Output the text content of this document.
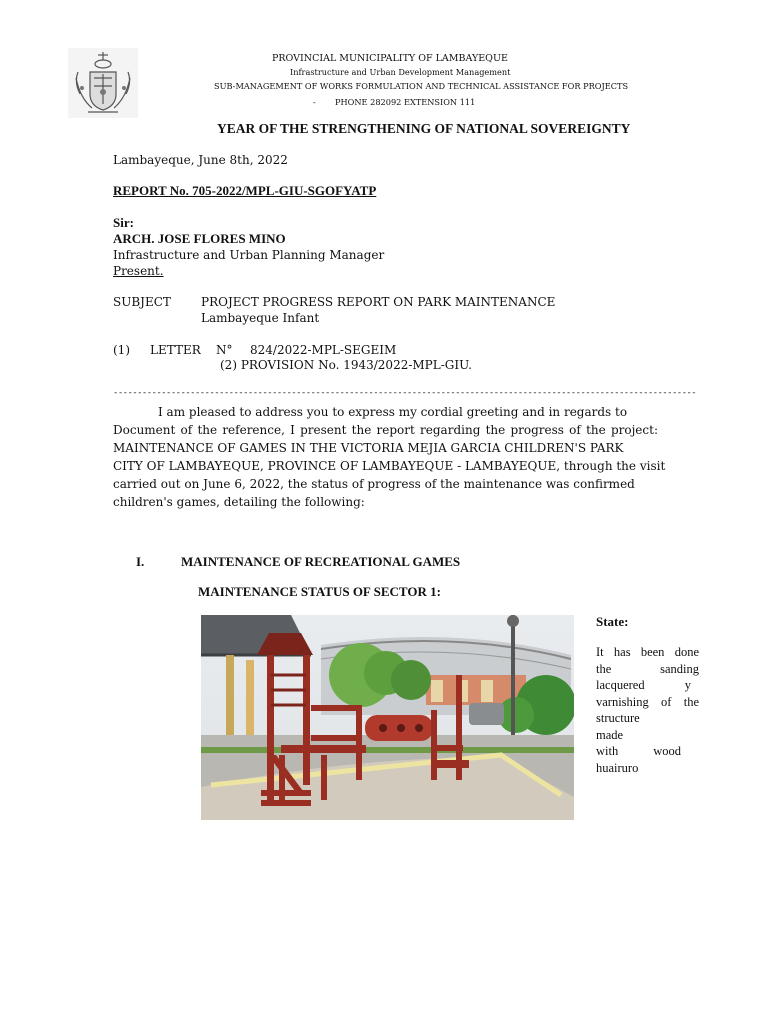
PROVINCIAL MUNICIPALITY OF LAMBAYEQUE
Infrastructure and Urban Development Management
SUB-MANAGEMENT OF WORKS FORMULATION AND TECHNICAL ASSISTANCE FOR PROJECTS
- PHONE 282092 EXTENSION 111
YEAR OF THE STRENGTHENING OF NATIONAL SOVEREIGNTY
Lambayeque, June 8th, 2022
REPORT No. 705-2022/MPL-GIU-SGOFYATP
Sir:
ARCH. JOSE FLORES MINO
Infrastructure and Urban Planning Manager
Present.
SUBJECT	PROJECT PROGRESS REPORT ON PARK MAINTENANCE
Lambayeque Infant
(1) LETTER N° 824/2022-MPL-SEGEIM
(2) PROVISION No. 1943/2022-MPL-GIU.
-------------------------------------------------------------------------------------------------------------------------
I am pleased to address you to express my cordial greeting and in regards to
Document of the reference, I present the report regarding the progress of the project:
MAINTENANCE OF GAMES IN THE VICTORIA MEJIA GARCIA CHILDREN'S PARK
CITY OF LAMBAYEQUE, PROVINCE OF LAMBAYEQUE - LAMBAYEQUE, through the visit
carried out on June 6, 2022, the status of progress of the maintenance was confirmed
children's games, detailing the following:
I.	MAINTENANCE OF RECREATIONAL GAMES
MAINTENANCE STATUS OF SECTOR 1:
State:
It has been done
the sanding
lacquered y
varnishing of the
structure
made
with wood
huairuro
